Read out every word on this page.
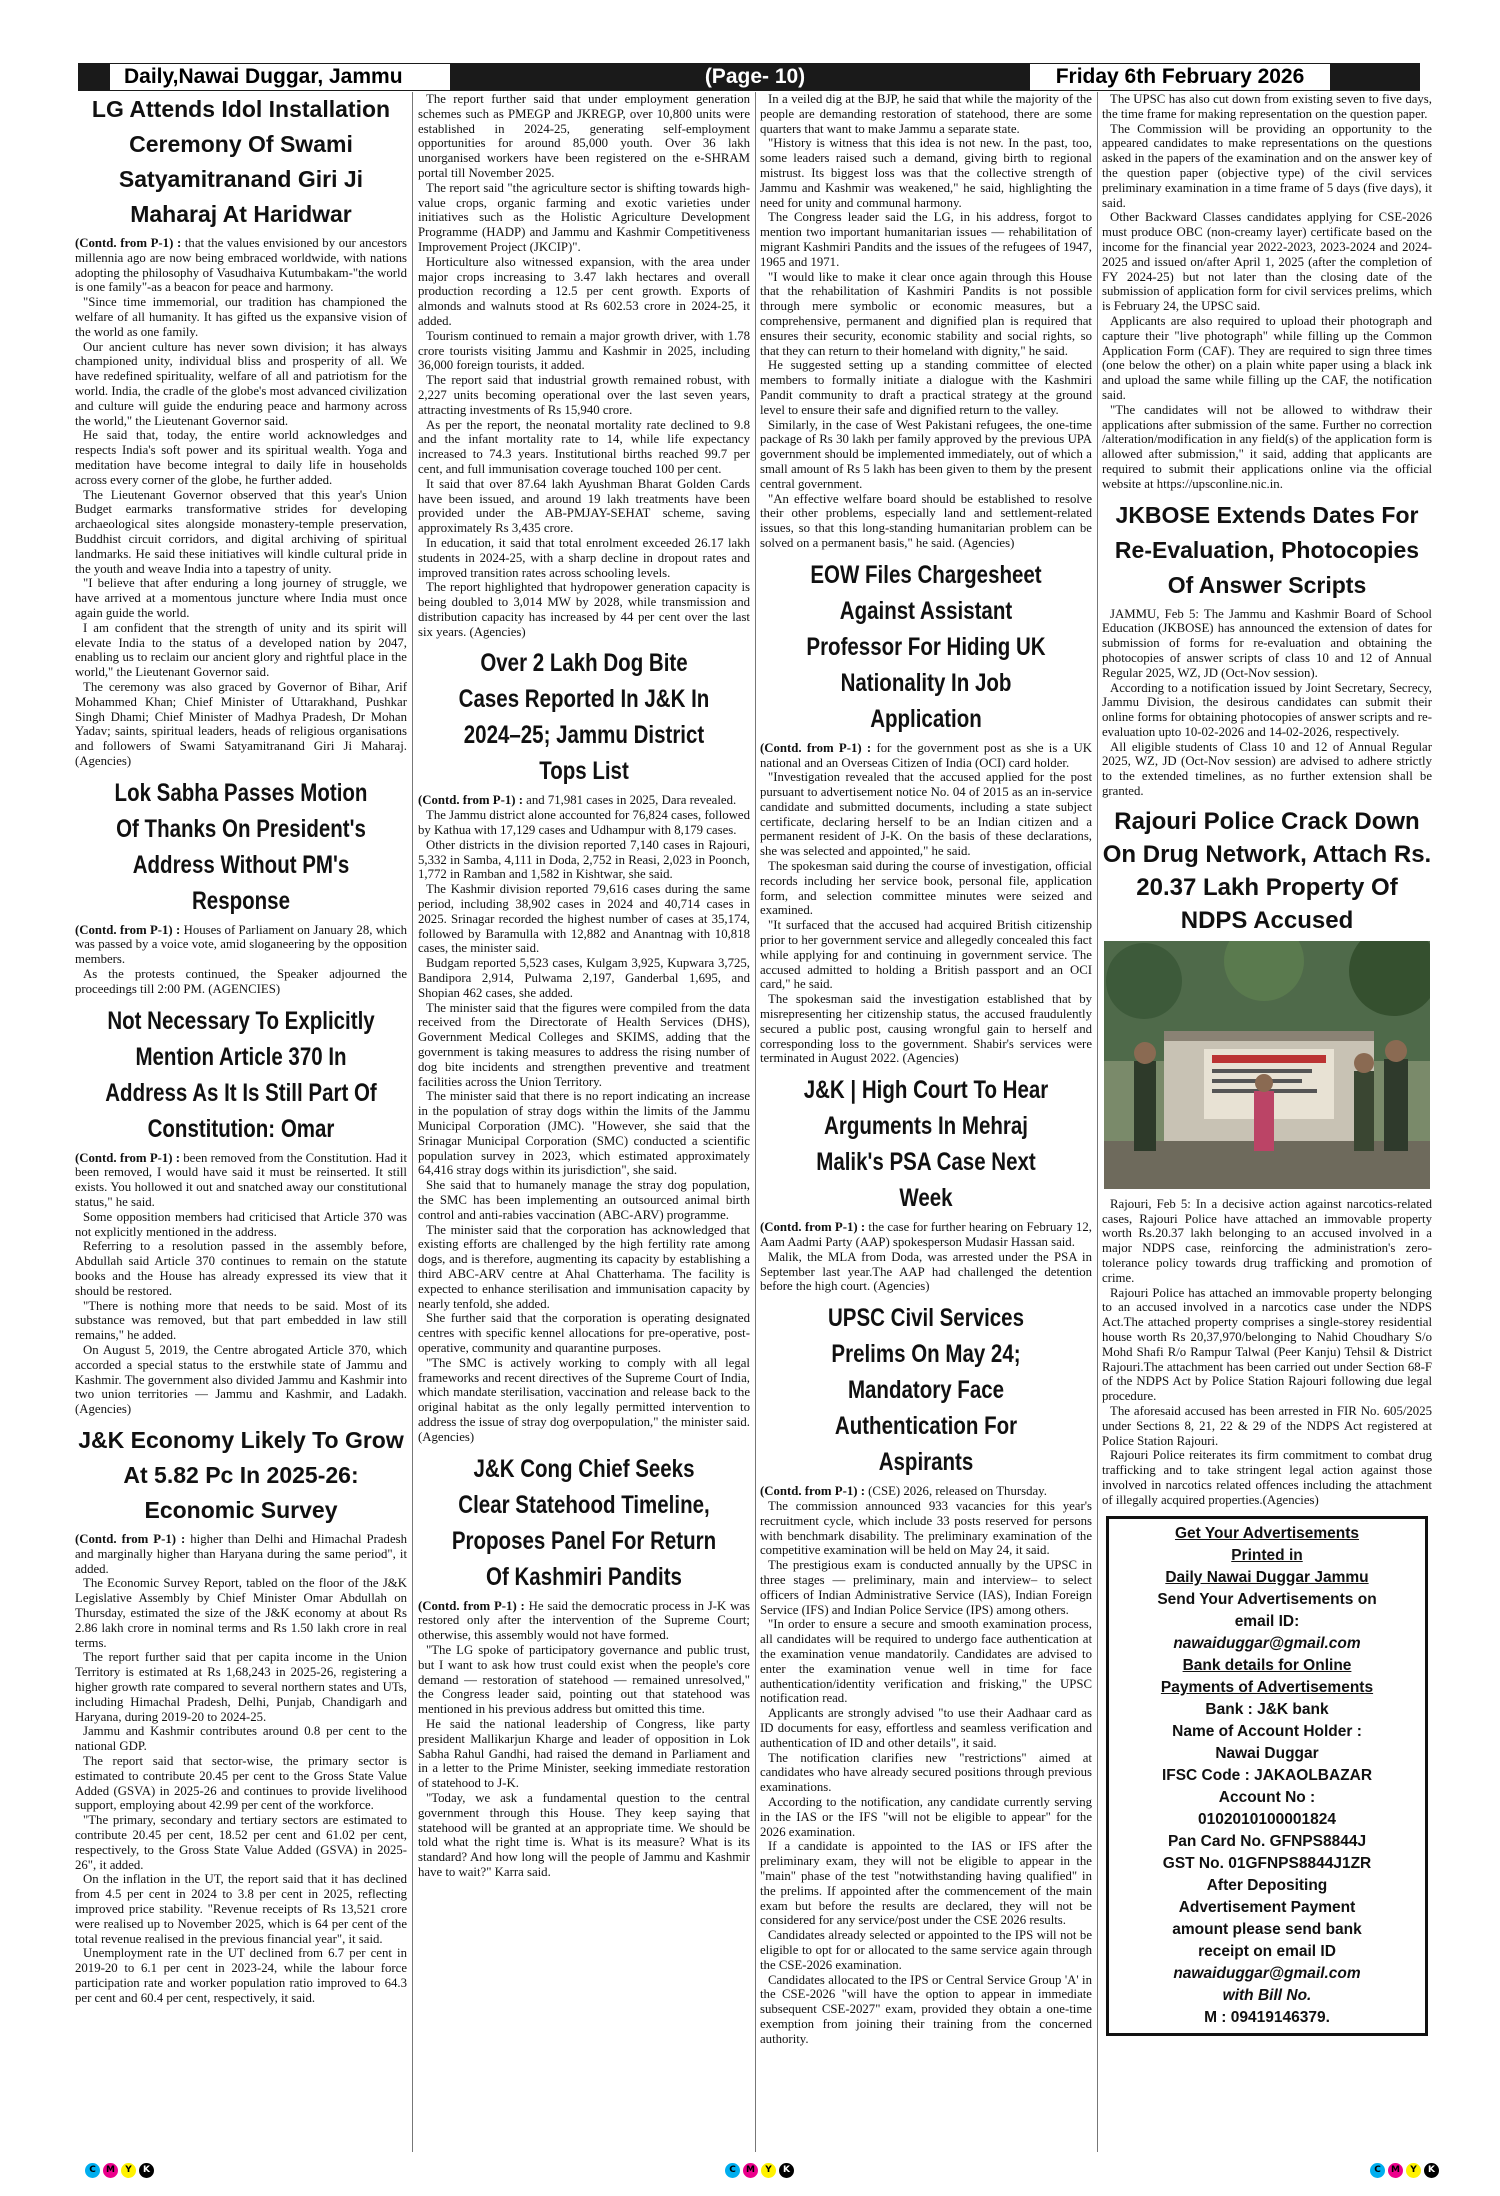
Daily,Nawai Duggar, Jammu	(Page- 10)	Friday 6th February 2026
LG Attends Idol Installation Ceremony Of Swami Satyamitranand Giri Ji Maharaj At Haridwar

(Contd. from P-1) : that the values envisioned by our ancestors millennia ago are now being embraced worldwide, with nations adopting the philosophy of Vasudhaiva Kutumbakam-"the world is one family"-as a beacon for peace and harmony.

"Since time immemorial, our tradition has championed the welfare of all humanity. It has gifted us the expansive vision of the world as one family.

Our ancient culture has never sown division; it has always championed unity, individual bliss and prosperity of all. We have redefined spirituality, welfare of all and patriotism for the world. India, the cradle of the globe's most advanced civilization and culture will guide the enduring peace and harmony across the world," the Lieutenant Governor said.

He said that, today, the entire world acknowledges and respects India's soft power and its spiritual wealth. Yoga and meditation have become integral to daily life in households across every corner of the globe, he further added.

The Lieutenant Governor observed that this year's Union Budget earmarks transformative strides for developing archaeological sites alongside monastery-temple preservation, Buddhist circuit corridors, and digital archiving of spiritual landmarks. He said these initiatives will kindle cultural pride in the youth and weave India into a tapestry of unity.

"I believe that after enduring a long journey of struggle, we have arrived at a momentous juncture where India must once again guide the world.

I am confident that the strength of unity and its spirit will elevate India to the status of a developed nation by 2047, enabling us to reclaim our ancient glory and rightful place in the world," the Lieutenant Governor said.

The ceremony was also graced by Governor of Bihar, Arif Mohammed Khan; Chief Minister of Uttarakhand, Pushkar Singh Dhami; Chief Minister of Madhya Pradesh, Dr Mohan Yadav; saints, spiritual leaders, heads of religious organisations and followers of Swami Satyamitranand Giri Ji Maharaj. (Agencies)

Lok Sabha Passes Motion Of Thanks On President's Address Without PM's Response

(Contd. from P-1) : Houses of Parliament on January 28, which was passed by a voice vote, amid sloganeering by the opposition members.

As the protests continued, the Speaker adjourned the proceedings till 2:00 PM. (AGENCIES)

Not Necessary To Explicitly Mention Article 370 In Address As It Is Still Part Of Constitution: Omar

(Contd. from P-1) : been removed from the Constitution. Had it been removed, I would have said it must be reinserted. It still exists. You hollowed it out and snatched away our constitutional status," he said.

Some opposition members had criticised that Article 370 was not explicitly mentioned in the address.

Referring to a resolution passed in the assembly before, Abdullah said Article 370 continues to remain on the statute books and the House has already expressed its view that it should be restored.

"There is nothing more that needs to be said. Most of its substance was removed, but that part embedded in law still remains," he added.

On August 5, 2019, the Centre abrogated Article 370, which accorded a special status to the erstwhile state of Jammu and Kashmir. The government also divided Jammu and Kashmir into two union territories — Jammu and Kashmir, and Ladakh. (Agencies)

J&K Economy Likely To Grow At 5.82 Pc In 2025-26: Economic Survey

(Contd. from P-1) : higher than Delhi and Himachal Pradesh and marginally higher than Haryana during the same period", it added.

The Economic Survey Report, tabled on the floor of the J&K Legislative Assembly by Chief Minister Omar Abdullah on Thursday, estimated the size of the J&K economy at about Rs 2.86 lakh crore in nominal terms and Rs 1.50 lakh crore in real terms.

The report further said that per capita income in the Union Territory is estimated at Rs 1,68,243 in 2025-26, registering a higher growth rate compared to several northern states and UTs, including Himachal Pradesh, Delhi, Punjab, Chandigarh and Haryana, during 2019-20 to 2024-25.

Jammu and Kashmir contributes around 0.8 per cent to the national GDP.

The report said that sector-wise, the primary sector is estimated to contribute 20.45 per cent to the Gross State Value Added (GSVA) in 2025-26 and continues to provide livelihood support, employing about 42.99 per cent of the workforce.

"The primary, secondary and tertiary sectors are estimated to contribute 20.45 per cent, 18.52 per cent and 61.02 per cent, respectively, to the Gross State Value Added (GSVA) in 2025-26", it added.

On the inflation in the UT, the report said that it has declined from 4.5 per cent in 2024 to 3.8 per cent in 2025, reflecting improved price stability. "Revenue receipts of Rs 13,521 crore were realised up to November 2025, which is 64 per cent of the total revenue realised in the previous financial year", it said.

Unemployment rate in the UT declined from 6.7 per cent in 2019-20 to 6.1 per cent in 2023-24, while the labour force participation rate and worker population ratio improved to 64.3 per cent and 60.4 per cent, respectively, it said.

The report further said that under employment generation schemes such as PMEGP and JKREGP, over 10,800 units were established in 2024-25, generating self-employment opportunities for around 85,000 youth. Over 36 lakh unorganised workers have been registered on the e-SHRAM portal till November 2025.

The report said "the agriculture sector is shifting towards high-value crops, organic farming and exotic varieties under initiatives such as the Holistic Agriculture Development Programme (HADP) and Jammu and Kashmir Competitiveness Improvement Project (JKCIP)".

Horticulture also witnessed expansion, with the area under major crops increasing to 3.47 lakh hectares and overall production recording a 12.5 per cent growth. Exports of almonds and walnuts stood at Rs 602.53 crore in 2024-25, it added.

Tourism continued to remain a major growth driver, with 1.78 crore tourists visiting Jammu and Kashmir in 2025, including 36,000 foreign tourists, it added.

The report said that industrial growth remained robust, with 2,227 units becoming operational over the last seven years, attracting investments of Rs 15,940 crore.

As per the report, the neonatal mortality rate declined to 9.8 and the infant mortality rate to 14, while life expectancy increased to 74.3 years. Institutional births reached 99.7 per cent, and full immunisation coverage touched 100 per cent.

It said that over 87.64 lakh Ayushman Bharat Golden Cards have been issued, and around 19 lakh treatments have been provided under the AB-PMJAY-SEHAT scheme, saving approximately Rs 3,435 crore.

In education, it said that total enrolment exceeded 26.17 lakh students in 2024-25, with a sharp decline in dropout rates and improved transition rates across schooling levels.

The report highlighted that hydropower generation capacity is being doubled to 3,014 MW by 2028, while transmission and distribution capacity has increased by 44 per cent over the last six years. (Agencies)

Over 2 Lakh Dog Bite Cases Reported In J&K In 2024–25; Jammu District Tops List

(Contd. from P-1) : and 71,981 cases in 2025, Dara revealed.

The Jammu district alone accounted for 76,824 cases, followed by Kathua with 17,129 cases and Udhampur with 8,179 cases.

Other districts in the division reported 7,140 cases in Rajouri, 5,332 in Samba, 4,111 in Doda, 2,752 in Reasi, 2,023 in Poonch, 1,772 in Ramban and 1,582 in Kishtwar, she said.

The Kashmir division reported 79,616 cases during the same period, including 38,902 cases in 2024 and 40,714 cases in 2025. Srinagar recorded the highest number of cases at 35,174, followed by Baramulla with 12,882 and Anantnag with 10,818 cases, the minister said.

Budgam reported 5,523 cases, Kulgam 3,925, Kupwara 3,725, Bandipora 2,914, Pulwama 2,197, Ganderbal 1,695, and Shopian 462 cases, she added.

The minister said that the figures were compiled from the data received from the Directorate of Health Services (DHS), Government Medical Colleges and SKIMS, adding that the government is taking measures to address the rising number of dog bite incidents and strengthen preventive and treatment facilities across the Union Territory.

The minister said that there is no report indicating an increase in the population of stray dogs within the limits of the Jammu Municipal Corporation (JMC). "However, she said that the Srinagar Municipal Corporation (SMC) conducted a scientific population survey in 2023, which estimated approximately 64,416 stray dogs within its jurisdiction", she said.

She said that to humanely manage the stray dog population, the SMC has been implementing an outsourced animal birth control and anti-rabies vaccination (ABC-ARV) programme.

The minister said that the corporation has acknowledged that existing efforts are challenged by the high fertility rate among dogs, and is therefore, augmenting its capacity by establishing a third ABC-ARV centre at Ahal Chatterhama. The facility is expected to enhance sterilisation and immunisation capacity by nearly tenfold, she added.

She further said that the corporation is operating designated centres with specific kennel allocations for pre-operative, post-operative, community and quarantine purposes.

"The SMC is actively working to comply with all legal frameworks and recent directives of the Supreme Court of India, which mandate sterilisation, vaccination and release back to the original habitat as the only legally permitted intervention to address the issue of stray dog overpopulation," the minister said. (Agencies)

J&K Cong Chief Seeks Clear Statehood Timeline, Proposes Panel For Return Of Kashmiri Pandits

(Contd. from P-1) : He said the democratic process in J-K was restored only after the intervention of the Supreme Court; otherwise, this assembly would not have formed.

"The LG spoke of participatory governance and public trust, but I want to ask how trust could exist when the people's core demand — restoration of statehood — remained unresolved," the Congress leader said, pointing out that statehood was mentioned in his previous address but omitted this time.

He said the national leadership of Congress, like party president Mallikarjun Kharge and leader of opposition in Lok Sabha Rahul Gandhi, had raised the demand in Parliament and in a letter to the Prime Minister, seeking immediate restoration of statehood to J-K.

"Today, we ask a fundamental question to the central government through this House. They keep saying that statehood will be granted at an appropriate time. We should be told what the right time is. What is its measure? What is its standard? And how long will the people of Jammu and Kashmir have to wait?" Karra said.

In a veiled dig at the BJP, he said that while the majority of the people are demanding restoration of statehood, there are some quarters that want to make Jammu a separate state.

"History is witness that this idea is not new. In the past, too, some leaders raised such a demand, giving birth to regional mistrust. Its biggest loss was that the collective strength of Jammu and Kashmir was weakened," he said, highlighting the need for unity and communal harmony.

The Congress leader said the LG, in his address, forgot to mention two important humanitarian issues — rehabilitation of migrant Kashmiri Pandits and the issues of the refugees of 1947, 1965 and 1971.

"I would like to make it clear once again through this House that the rehabilitation of Kashmiri Pandits is not possible through mere symbolic or economic measures, but a comprehensive, permanent and dignified plan is required that ensures their security, economic stability and social rights, so that they can return to their homeland with dignity," he said.

He suggested setting up a standing committee of elected members to formally initiate a dialogue with the Kashmiri Pandit community to draft a practical strategy at the ground level to ensure their safe and dignified return to the valley.

Similarly, in the case of West Pakistani refugees, the one-time package of Rs 30 lakh per family approved by the previous UPA government should be implemented immediately, out of which a small amount of Rs 5 lakh has been given to them by the present central government.

"An effective welfare board should be established to resolve their other problems, especially land and settlement-related issues, so that this long-standing humanitarian problem can be solved on a permanent basis," he said. (Agencies)

EOW Files Chargesheet Against Assistant Professor For Hiding UK Nationality In Job Application

(Contd. from P-1) : for the government post as she is a UK national and an Overseas Citizen of India (OCI) card holder.

"Investigation revealed that the accused applied for the post pursuant to advertisement notice No. 04 of 2015 as an in-service candidate and submitted documents, including a state subject certificate, declaring herself to be an Indian citizen and a permanent resident of J-K. On the basis of these declarations, she was selected and appointed," he said.

The spokesman said during the course of investigation, official records including her service book, personal file, application form, and selection committee minutes were seized and examined.

"It surfaced that the accused had acquired British citizenship prior to her government service and allegedly concealed this fact while applying for and continuing in government service. The accused admitted to holding a British passport and an OCI card," he said.

The spokesman said the investigation established that by misrepresenting her citizenship status, the accused fraudulently secured a public post, causing wrongful gain to herself and corresponding loss to the government. Shabir's services were terminated in August 2022. (Agencies)

J&K | High Court To Hear Arguments In Mehraj Malik's PSA Case Next Week

(Contd. from P-1) : the case for further hearing on February 12, Aam Aadmi Party (AAP) spokesperson Mudasir Hassan said.

Malik, the MLA from Doda, was arrested under the PSA in September last year.The AAP had challenged the detention before the high court. (Agencies)

UPSC Civil Services Prelims On May 24; Mandatory Face Authentication For Aspirants

(Contd. from P-1) : (CSE) 2026, released on Thursday.

The commission announced 933 vacancies for this year's recruitment cycle, which include 33 posts reserved for persons with benchmark disability. The preliminary examination of the competitive examination will be held on May 24, it said.

The prestigious exam is conducted annually by the UPSC in three stages — preliminary, main and interview– to select officers of Indian Administrative Service (IAS), Indian Foreign Service (IFS) and Indian Police Service (IPS) among others.

"In order to ensure a secure and smooth examination process, all candidates will be required to undergo face authentication at the examination venue mandatorily. Candidates are advised to enter the examination venue well in time for face authentication/identity verification and frisking," the UPSC notification read.

Applicants are strongly advised "to use their Aadhaar card as ID documents for easy, effortless and seamless verification and authentication of ID and other details", it said.

The notification clarifies new "restrictions" aimed at candidates who have already secured positions through previous examinations.

According to the notification, any candidate currently serving in the IAS or the IFS "will not be eligible to appear" for the 2026 examination.

If a candidate is appointed to the IAS or IFS after the preliminary exam, they will not be eligible to appear in the "main" phase of the test "notwithstanding having qualified" in the prelims. If appointed after the commencement of the main exam but before the results are declared, they will not be considered for any service/post under the CSE 2026 results.

Candidates already selected or appointed to the IPS will not be eligible to opt for or allocated to the same service again through the CSE-2026 examination.

Candidates allocated to the IPS or Central Service Group 'A' in the CSE-2026 "will have the option to appear in immediate subsequent CSE-2027" exam, provided they obtain a one-time exemption from joining their training from the concerned authority.

The UPSC has also cut down from existing seven to five days, the time frame for making representation on the question paper.

The Commission will be providing an opportunity to the appeared candidates to make representations on the questions asked in the papers of the examination and on the answer key of the question paper (objective type) of the civil services preliminary examination in a time frame of 5 days (five days), it said.

Other Backward Classes candidates applying for CSE-2026 must produce OBC (non-creamy layer) certificate based on the income for the financial year 2022-2023, 2023-2024 and 2024-2025 and issued on/after April 1, 2025 (after the completion of FY 2024-25) but not later than the closing date of the submission of application form for civil services prelims, which is February 24, the UPSC said.

Applicants are also required to upload their photograph and capture their "live photograph" while filling up the Common Application Form (CAF). They are required to sign three times (one below the other) on a plain white paper using a black ink and upload the same while filling up the CAF, the notification said.

"The candidates will not be allowed to withdraw their applications after submission of the same. Further no correction /alteration/modification in any field(s) of the application form is allowed after submission," it said, adding that applicants are required to submit their applications online via the official website at https://upsconline.nic.in.

JKBOSE Extends Dates For Re-Evaluation, Photocopies Of Answer Scripts

JAMMU, Feb 5: The Jammu and Kashmir Board of School Education (JKBOSE) has announced the extension of dates for submission of forms for re-evaluation and obtaining the photocopies of answer scripts of class 10 and 12 of Annual Regular 2025, WZ, JD (Oct-Nov session).

According to a notification issued by Joint Secretary, Secrecy, Jammu Division, the desirous candidates can submit their online forms for obtaining photocopies of answer scripts and re-evaluation upto 10-02-2026 and 14-02-2026, respectively.

All eligible students of Class 10 and 12 of Annual Regular 2025, WZ, JD (Oct-Nov session) are advised to adhere strictly to the extended timelines, as no further extension shall be granted.

Rajouri Police Crack Down On Drug Network, Attach Rs. 20.37 Lakh Property Of NDPS Accused

Rajouri, Feb 5: In a decisive action against narcotics-related cases, Rajouri Police have attached an immovable property worth Rs.20.37 lakh belonging to an accused involved in a major NDPS case, reinforcing the administration's zero-tolerance policy towards drug trafficking and promotion of crime.

Rajouri Police has attached an immovable property belonging to an accused involved in a narcotics case under the NDPS Act.The attached property comprises a single-storey residential house worth Rs 20,37,970/belonging to Nahid Choudhary S/o Mohd Shafi R/o Rampur Talwal (Peer Kanju) Tehsil & District Rajouri.The attachment has been carried out under Section 68-F of the NDPS Act by Police Station Rajouri following due legal procedure.

The aforesaid accused has been arrested in FIR No. 605/2025 under Sections 8, 21, 22 & 29 of the NDPS Act registered at Police Station Rajouri.

Rajouri Police reiterates its firm commitment to combat drug trafficking and to take stringent legal action against those involved in narcotics related offences including the attachment of illegally acquired properties.(Agencies)

Get Your Advertisements
Printed in
Daily Nawai Duggar Jammu
Send Your Advertisements on
email ID:
nawaiduggar@gmail.com
Bank details for Online
Payments of Advertisements
Bank : J&K bank
Name of Account Holder :
Nawai Duggar
IFSC Code : JAKAOLBAZAR
Account No :
0102010100001824
Pan Card No. GFNPS8844J
GST No. 01GFNPS8844J1ZR
After Depositing
Advertisement Payment
amount please send bank
receipt on email ID
nawaiduggar@gmail.com
with Bill No.
M : 09419146379.
C	M	Y	K	C	M	Y	K	C	M	Y	K
